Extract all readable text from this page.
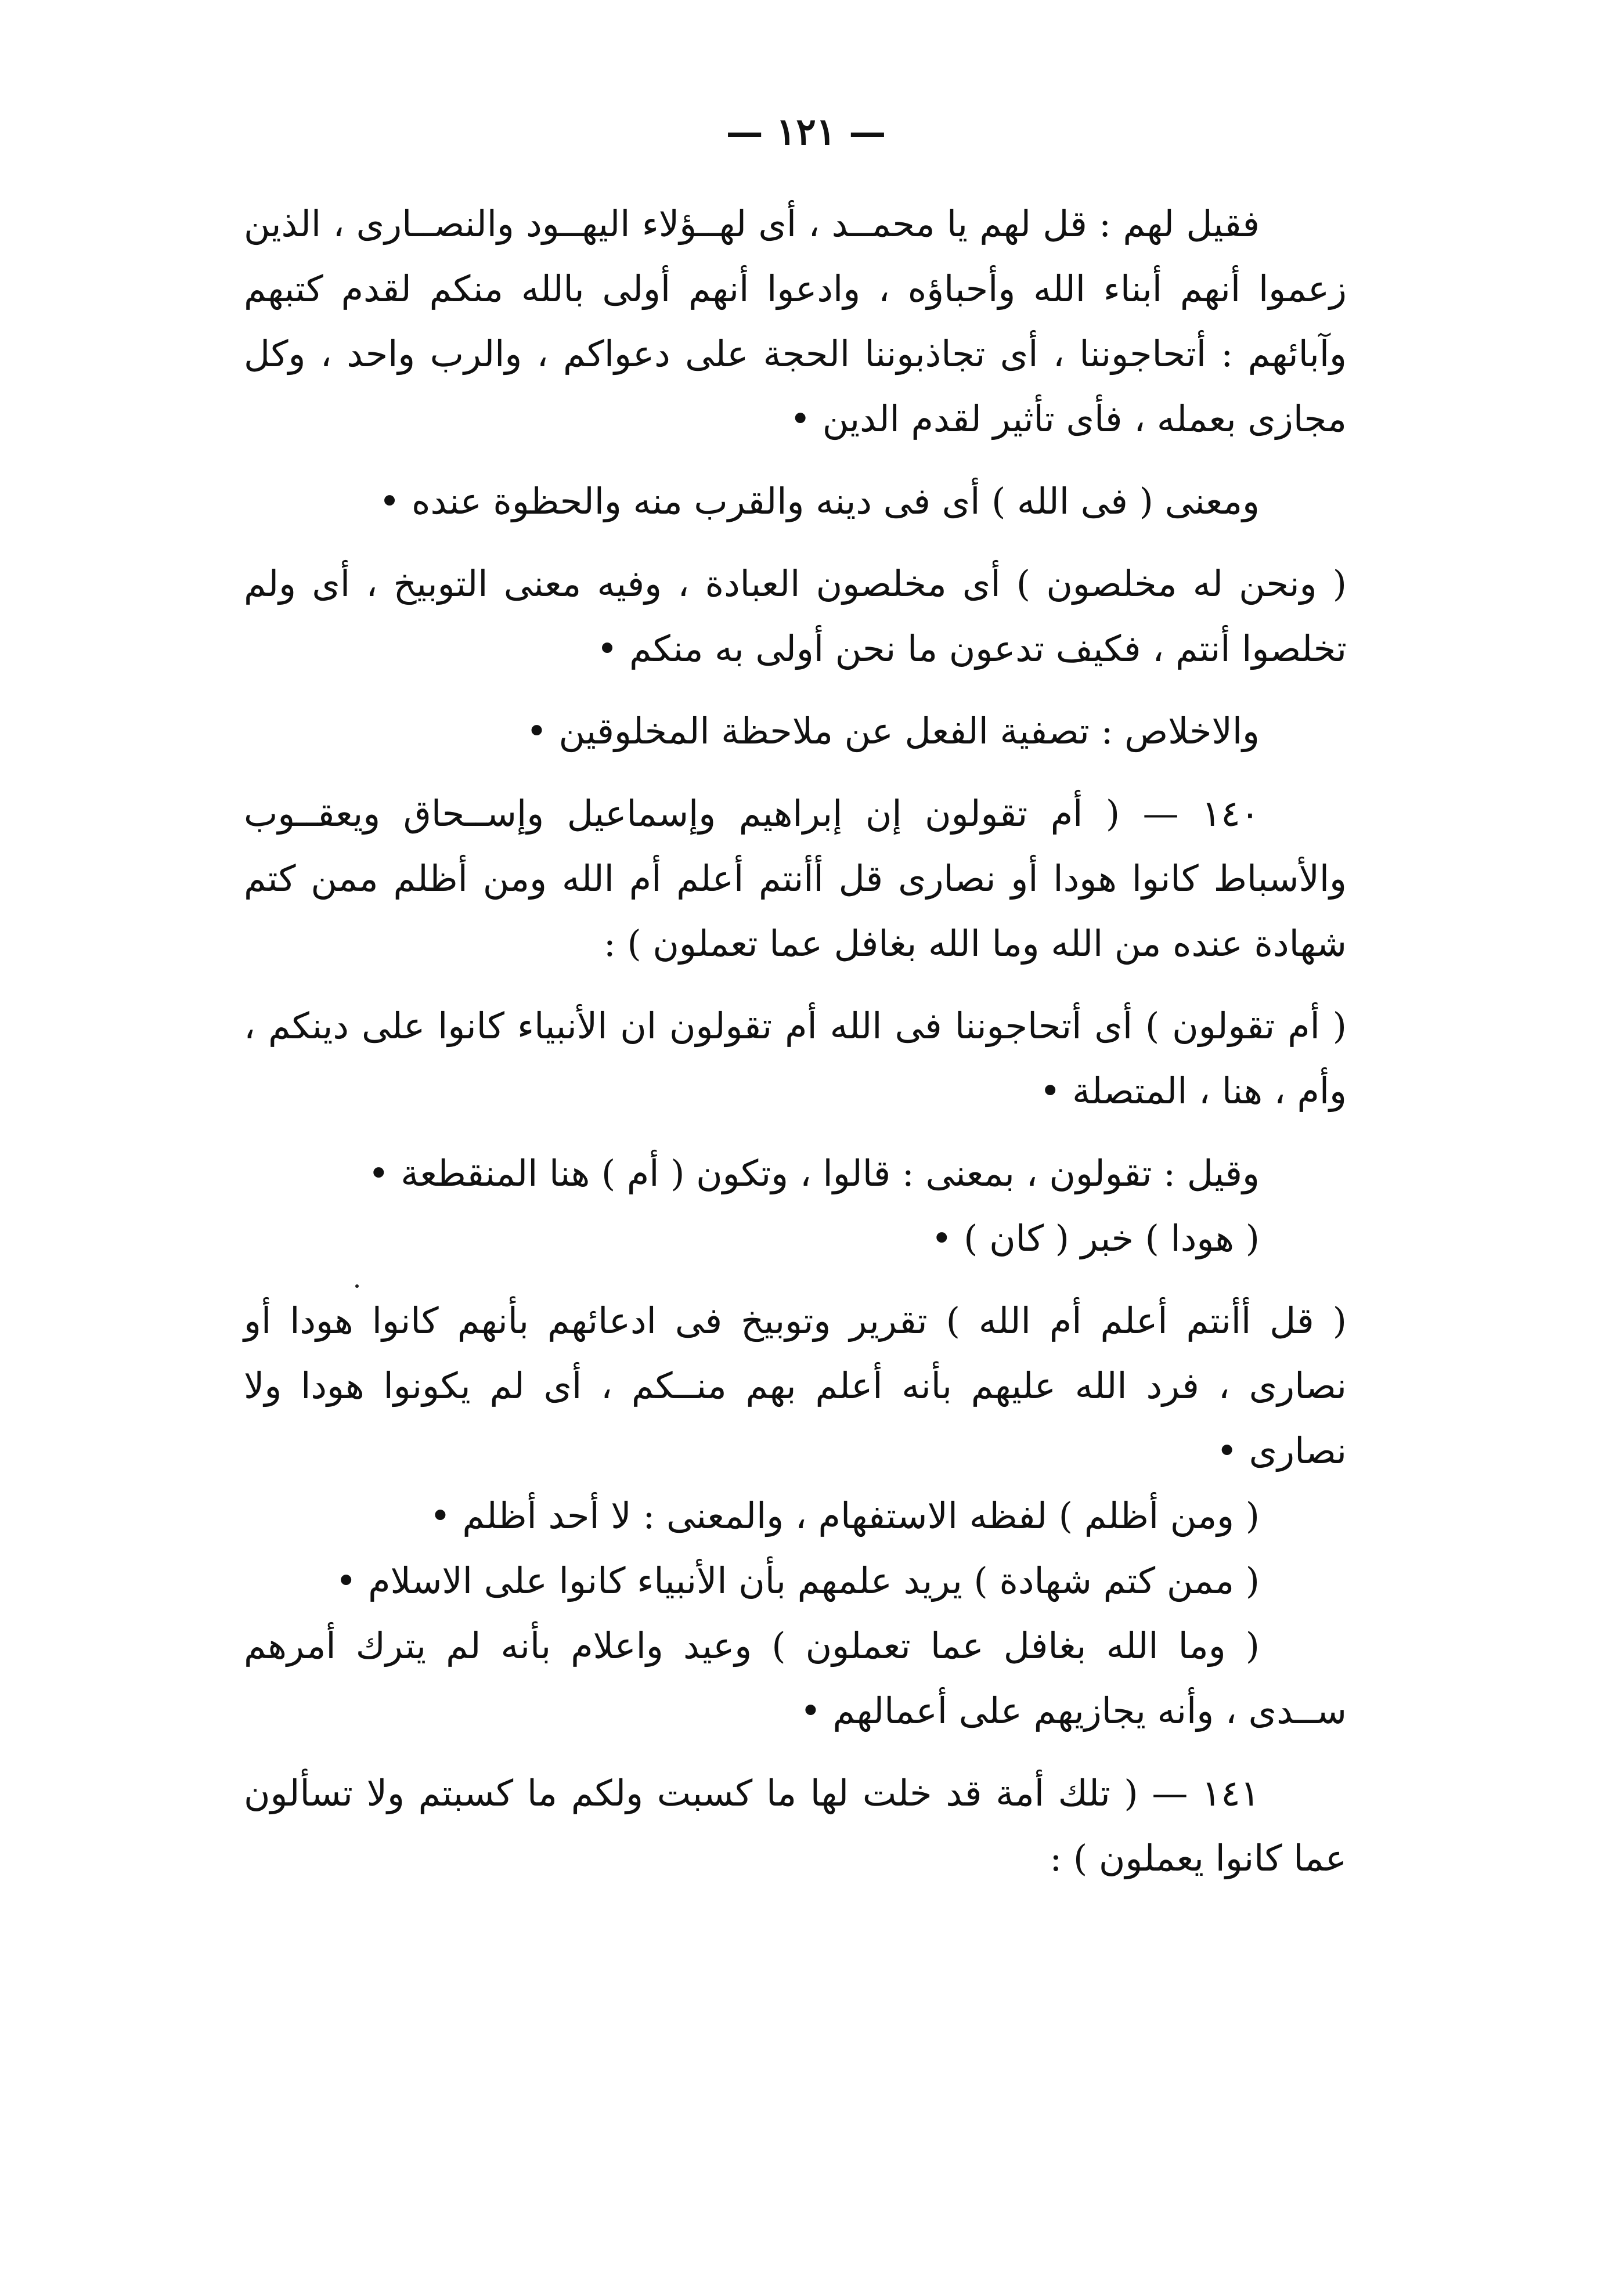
— ١٢١ —

فقيل لهم : قل لهم يا محمــد ، أى لهــؤلاء اليهــود والنصــارى ، الذين زعموا أنهم أبناء الله وأحباؤه ، وادعوا أنهم أولى بالله منكم لقدم كتبهم وآبائهم : أتحاجوننا ، أى تجاذبوننا الحجة على دعواكم ، والرب واحد ، وكل مجازى بعمله ، فأى تأثير لقدم الدين •

ومعنى ( فى الله ) أى فى دينه والقرب منه والحظوة عنده •

( ونحن له مخلصون ) أى مخلصون العبادة ، وفيه معنى التوبيخ ، أى ولم تخلصوا أنتم ، فكيف تدعون ما نحن أولى به منكم •

والاخلاص : تصفية الفعل عن ملاحظة المخلوقين •

١٤٠ — ( أم تقولون إن إبراهيم وإسماعيل وإســحاق ويعقــوب والأسباط كانوا هودا أو نصارى قل أأنتم أعلم أم الله ومن أظلم ممن كتم شهادة عنده من الله وما الله بغافل عما تعملون ) :

( أم تقولون ) أى أتحاجوننا فى الله أم تقولون ان الأنبياء كانوا على دينكم ، وأم ، هنا ، المتصلة •

وقيل : تقولون ، بمعنى : قالوا ، وتكون ( أم ) هنا المنقطعة •

( هودا ) خبر ( كان ) •

( قل أأنتم أعلم أم الله ) تقرير وتوبيخ فى ادعائهم بأنهم كانوا هودا أو نصارى ، فرد الله عليهم بأنه أعلم بهم منــكم ، أى لم يكونوا هودا ولا نصارى •

( ومن أظلم ) لفظه الاستفهام ، والمعنى : لا أحد أظلم •

( ممن كتم شهادة ) يريد علمهم بأن الأنبياء كانوا على الاسلام •

( وما الله بغافل عما تعملون ) وعيد واعلام بأنه لم يترك أمرهم ســدى ، وأنه يجازيهم على أعمالهم •

١٤١ — ( تلك أمة قد خلت لها ما كسبت ولكم ما كسبتم ولا تسألون عما كانوا يعملون ) :
